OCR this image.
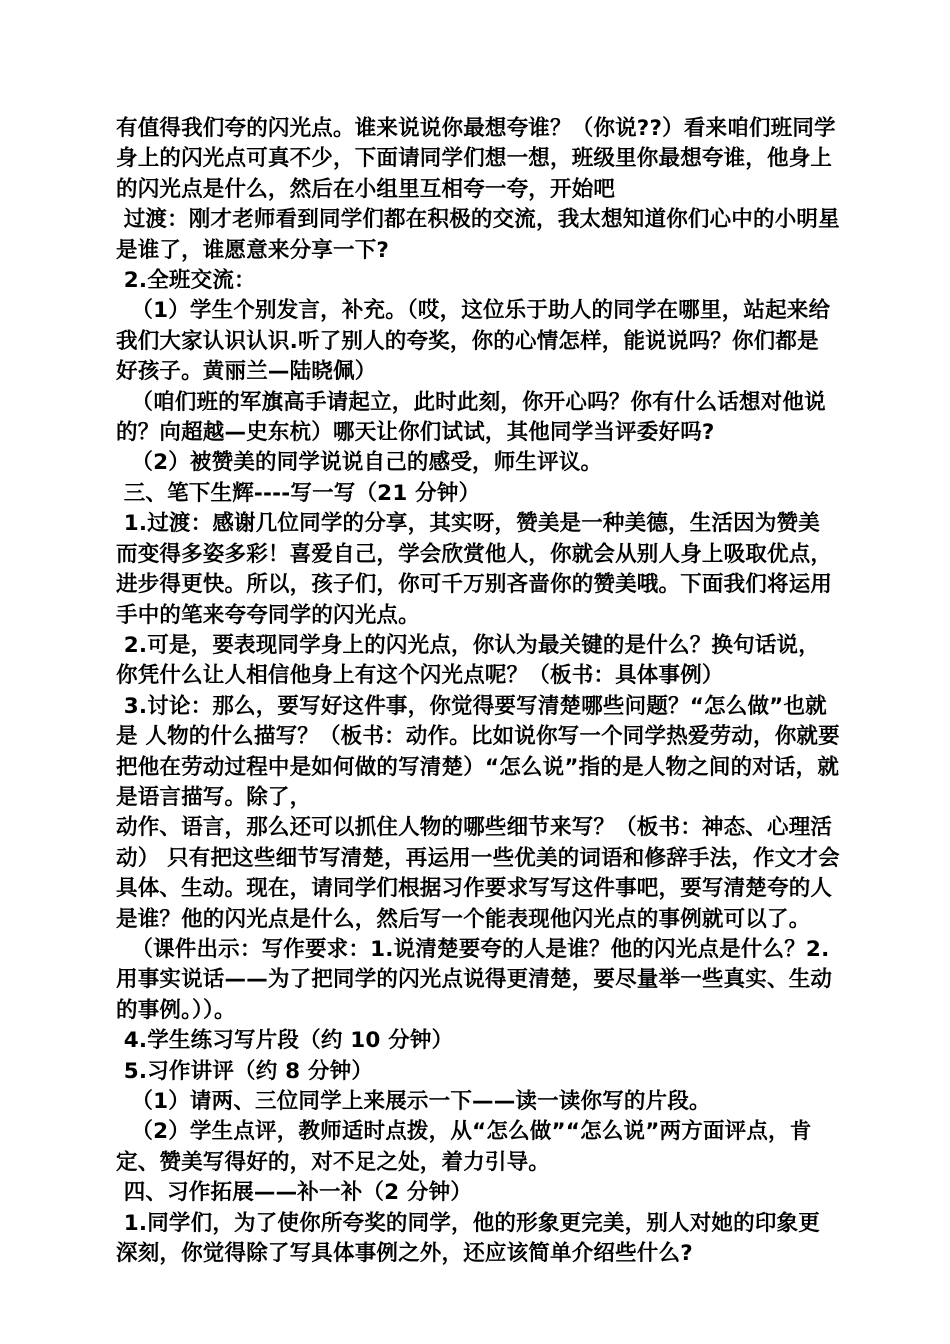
有值得我们夸的闪光点。谁来说说你最想夸谁？（你说??）看来咱们班同学身上的闪光点可真不少，下面请同学们想一想，班级里你最想夸谁，他身上的闪光点是什么，然后在小组里互相夸一夸，开始吧

过渡：刚才老师看到同学们都在积极的交流，我太想知道你们心中的小明星是谁了，谁愿意来分享一下?

2.全班交流：

（1）学生个别发言，补充。（哎，这位乐于助人的同学在哪里，站起来给我们大家认识认识.听了别人的夸奖，你的心情怎样，能说说吗？你们都是好孩子。黄丽兰—陆晓佩）

（咱们班的军旗高手请起立，此时此刻，你开心吗？你有什么话想对他说的？向超越—史东杭）哪天让你们试试，其他同学当评委好吗?

（2）被赞美的同学说说自己的感受，师生评议。

三、笔下生辉----写一写（21 分钟）

1.过渡：感谢几位同学的分享，其实呀，赞美是一种美德，生活因为赞美而变得多姿多彩！喜爱自己，学会欣赏他人，你就会从别人身上吸取优点，进步得更快。所以，孩子们，你可千万别吝啬你的赞美哦。下面我们将运用手中的笔来夸夸同学的闪光点。

2.可是，要表现同学身上的闪光点，你认为最关键的是什么？换句话说，你凭什么让人相信他身上有这个闪光点呢？（板书：具体事例）

3.讨论：那么，要写好这件事，你觉得要写清楚哪些问题？“怎么做”也就是 人物的什么描写？（板书：动作。比如说你写一个同学热爱劳动，你就要把他在劳动过程中是如何做的写清楚）“怎么说”指的是人物之间的对话，就是语言描写。除了，

动作、语言，那么还可以抓住人物的哪些细节来写？（板书：神态、心理活动） 只有把这些细节写清楚，再运用一些优美的词语和修辞手法，作文才会具体、生动。现在，请同学们根据习作要求写写这件事吧，要写清楚夸的人是谁？他的闪光点是什么，然后写一个能表现他闪光点的事例就可以了。

（课件出示：写作要求：1.说清楚要夸的人是谁？他的闪光点是什么？2.用事实说话——为了把同学的闪光点说得更清楚，要尽量举一些真实、生动的事例。））。

4.学生练习写片段（约 10 分钟）

5.习作讲评（约 8 分钟）

（1）请两、三位同学上来展示一下——读一读你写的片段。

（2）学生点评，教师适时点拨，从“怎么做”“怎么说”两方面评点，肯定、赞美写得好的，对不足之处，着力引导。

四、习作拓展——补一补（2 分钟）

1.同学们，为了使你所夸奖的同学，他的形象更完美，别人对她的印象更深刻，你觉得除了写具体事例之外，还应该简单介绍些什么?
